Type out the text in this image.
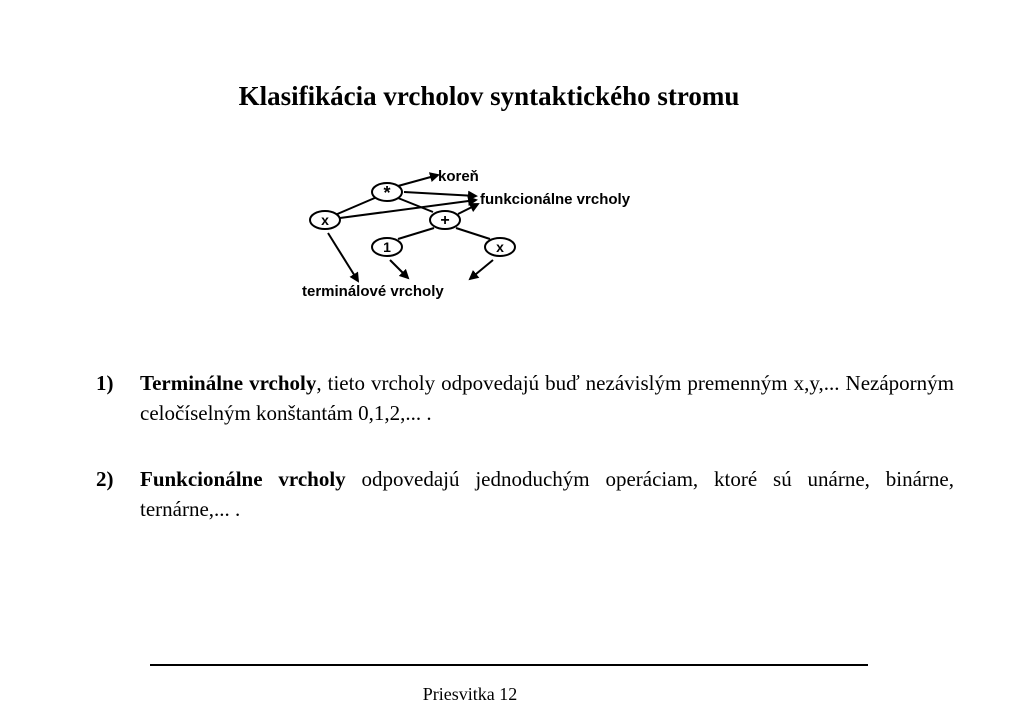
Klasifikácia vrcholov syntaktického stromu
*
x	+
1	x
koreň
funkcionálne vrcholy
terminálové vrcholy
1)	Terminálne vrcholy, tieto vrcholy odpovedajú buď nezávislým premenným x,y,... Nezáporným celočíselným konštantám 0,1,2,... .
2)	Funkcionálne vrcholy odpovedajú jednoduchým operáciam, ktoré sú unárne, binárne, ternárne,... .
Priesvitka 12
